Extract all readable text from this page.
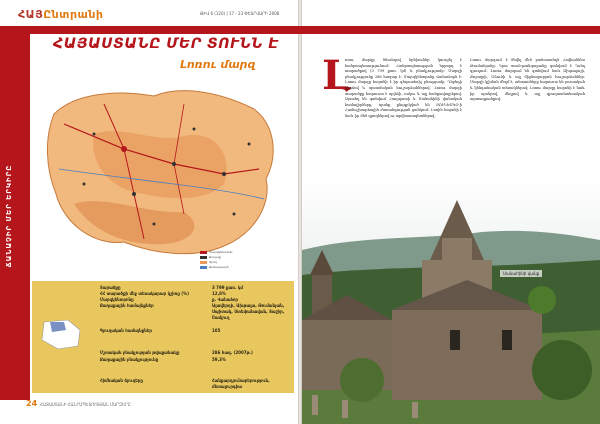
ՀԱՅԸնտրանի	ԹԻՎ 6 (120) | 17 - 23 ՓԵՏՐՎԱՐԻ 2008
ՃԱՆԱՉԻՐ ՄԵՐ ԵՐԿԻՐԸ
ՀԱՅԱՍՏԱՆԸ ՄԵՐ ՏՈՒՆՆ Է
Լոռու մարզ
Մարզկենտրոն
Քաղաք
Գյուղ
Ճանապարհ
Տարածքը	3 799 քառ. կմ
ՀՀ տարածքի մեջ տեսակարար կշիռը (%)	12,8%
Մարզկենտրոնը	ք. Վանաձոր
Քաղաքային համայնքներ	Ալավերդի, Ախթալա, Թումանյան, Սպիտակ, Ստեփանավան, Տաշիր, Շամլուղ
Գյուղական համայնքներ	105
Մշտական բնակչության թվաքանակը	286 հազ. (2007թ.)
Քաղաքային բնակչությունը	59,3%
Հիմնական ճյուղերը	Հանքարդյունաբերություն, մետալուրգիա
24 ՀԱՅԱՍՏԱՆԻ ՀԱՆՐԱՊԵՏՈՒԹՅԱՆ ՄԱՐԶԵՐԸ
Սանահինի վանք
Լ

ոռու մարզը ծնունդով երեխաներ կուսցել է հանրապետությունում: Հանրապետության երրորդ է տարածքով (3 799 քառ. կմ) և բնակչությամբ: Մարզի բնակչությունը 286 հազար է: Մարզկենտրոնը Վանաձորն է: Լոռու մարզը հայտնի է իր գեղատեսիլ բնությամբ, Դեբեդի կիրճով և պատմական հուշարձաններով: Լոռու մարզի տարածքը հարուստ է պղնձի, ոսկու և այլ հանքավայրերով: Այստեղ են գտնվում Հաղպատի և Սանահինի վանական համալիրները, որոնք ընդգրկված են ՅՈՒՆԵՍԿՕ-ի Համաշխարհային ժառանգության ցանկում: Լոռին հայտնի է նաև իր մեծ գրողներով ու արվեստագետներով:

Լոռու մարզում է ծնվել մեծ բանաստեղծ Հովհաննես Թումանյանը: Նրա տուն-թանգարանը գտնվում է Դսեղ գյուղում: Լոռու մարզում են գտնվում նաև Ախթալայի, Քոբայրի, Օձունի և այլ միջնադարյան հուշարձաններ: Մարզի կլիման մեղմ է, անտառները հարուստ են բուսական և կենդանական տեսակներով: Լոռու մարզը հայտնի է նաև իր պանրով, մեղրով և այլ գյուղատնտեսական արտադրանքով:
